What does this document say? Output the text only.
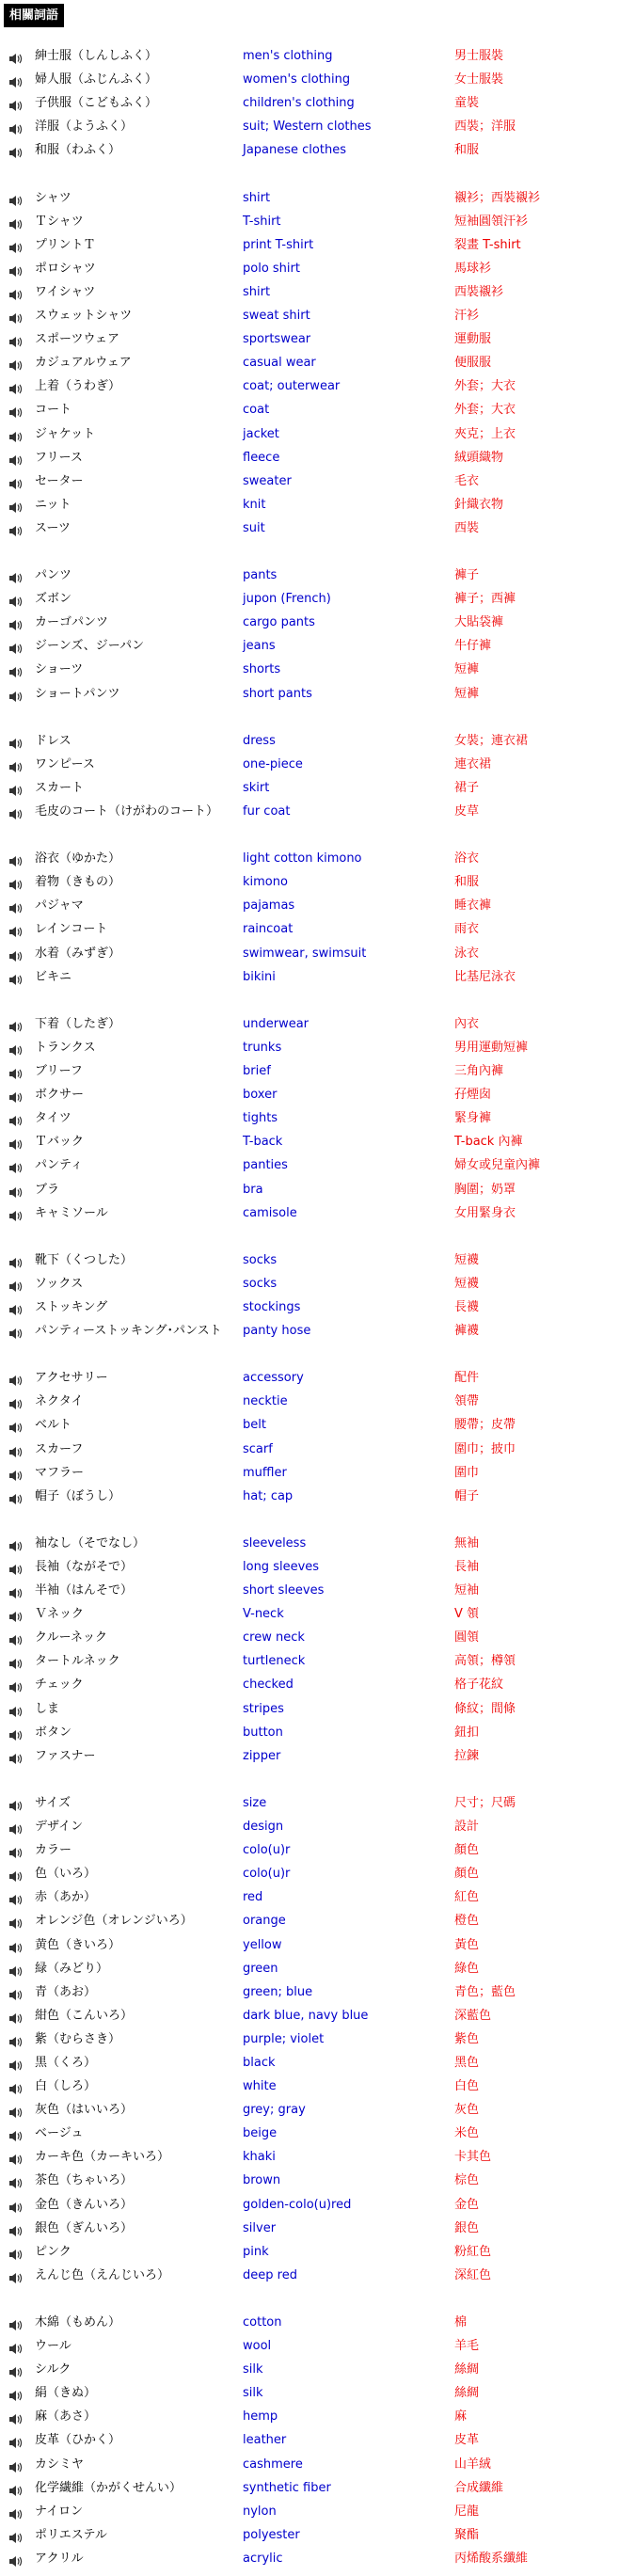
相關詞語
紳士服（しんしふく）	men's clothing	男士服裝
婦人服（ふじんふく）	women's clothing	女士服裝
子供服（こどもふく）	children's clothing	童裝
洋服（ようふく）	suit; Western clothes	西裝；洋服
和服（わふく）	Japanese clothes	和服
シャツ	shirt	襯衫；西裝襯衫
Ｔシャツ	T-shirt	短袖圓領汗衫
プリントＴ	print T-shirt	裂畫 T-shirt
ポロシャツ	polo shirt	馬球衫
ワイシャツ	shirt	西裝襯衫
スウェットシャツ	sweat shirt	汗衫
スポーツウェア	sportswear	運動服
カジュアルウェア	casual wear	便服服
上着（うわぎ）	coat; outerwear	外套；大衣
コート	coat	外套；大衣
ジャケット	jacket	夾克；上衣
フリース	fleece	絨頭織物
セーター	sweater	毛衣
ニット	knit	針織衣物
スーツ	suit	西裝
パンツ	pants	褲子
ズボン	jupon (French)	褲子；西褲
カーゴパンツ	cargo pants	大貼袋褲
ジーンズ、ジーパン	jeans	牛仔褲
ショーツ	shorts	短褲
ショートパンツ	short pants	短褲
ドレス	dress	女裝；連衣裙
ワンピース	one-piece	連衣裙
スカート	skirt	裙子
毛皮のコート（けがわのコート） fur coat	皮草
浴衣（ゆかた）	light cotton kimono	浴衣
着物（きもの）	kimono	和服
パジャマ	pajamas	睡衣褲
レインコート	raincoat	雨衣
水着（みずぎ）	swimwear, swimsuit	泳衣
ビキニ	bikini	比基尼泳衣
下着（したぎ）	underwear	內衣
トランクス	trunks	男用運動短褲
ブリーフ	brief	三角內褲
ボクサー	boxer	孖煙囱
タイツ	tights	緊身褲
Ｔバック	T-back	T-back 內褲
パンティ	panties	婦女或兒童內褲
ブラ	bra	胸圍；奶罩
キャミソール	camisole	女用緊身衣
靴下（くつした）	socks	短襪
ソックス	socks	短襪
ストッキング	stockings	長襪
パンティーストッキング･パンスト panty hose	褲襪
アクセサリー	accessory	配件
ネクタイ	necktie	領帶
ベルト	belt	腰帶；皮帶
スカーフ	scarf	圍巾；披巾
マフラー	muffler	圍巾
帽子（ぼうし）	hat; cap	帽子
袖なし（そでなし）	sleeveless	無袖
長袖（ながそで）	long sleeves	長袖
半袖（はんそで）	short sleeves	短袖
Ｖネック	V-neck	V 領
クルーネック	crew neck	圓領
タートルネック	turtleneck	高領；樽領
チェック	checked	格子花紋
しま	stripes	條紋；間條
ボタン	button	鈕扣
ファスナー	zipper	拉鍊
サイズ	size	尺寸；尺碼
デザイン	design	設計
カラー	colo(u)r	顏色
色（いろ）	colo(u)r	顏色
赤（あか）	red	紅色
オレンジ色（オレンジいろ）	orange	橙色
黄色（きいろ）	yellow	黃色
緑（みどり）	green	綠色
青（あお）	green; blue	青色；藍色
紺色（こんいろ）	dark blue, navy blue	深藍色
紫（むらさき）	purple; violet	紫色
黒（くろ）	black	黑色
白（しろ）	white	白色
灰色（はいいろ）	grey; gray	灰色
ベージュ	beige	米色
カーキ色（カーキいろ）	khaki	卡其色
茶色（ちゃいろ）	brown	棕色
金色（きんいろ）	golden-colo(u)red	金色
銀色（ぎんいろ）	silver	銀色
ピンク	pink	粉紅色
えんじ色（えんじいろ）	deep red	深紅色
木綿（もめん）	cotton	棉
ウール	wool	羊毛
シルク	silk	絲綢
絹（きぬ）	silk	絲綢
麻（あさ）	hemp	麻
皮革（ひかく）	leather	皮革
カシミヤ	cashmere	山羊絨
化学繊維（かがくせんい）	synthetic fiber	合成纖維
ナイロン	nylon	尼龍
ポリエステル	polyester	聚酯
アクリル	acrylic	丙烯酸系纖維
